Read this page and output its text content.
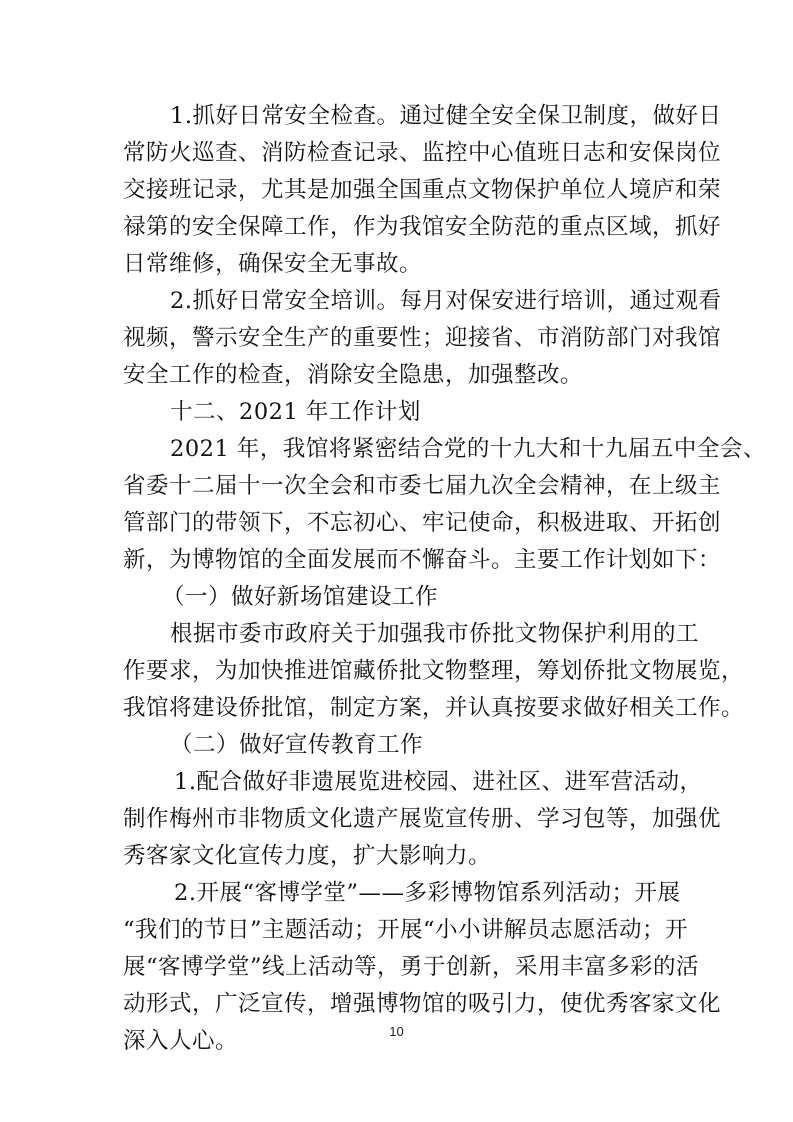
1.抓好日常安全检查。通过健全安全保卫制度，做好日
常防火巡查、消防检查记录、监控中心值班日志和安保岗位
交接班记录，尤其是加强全国重点文物保护单位人境庐和荣
禄第的安全保障工作，作为我馆安全防范的重点区域，抓好
日常维修，确保安全无事故。
2.抓好日常安全培训。每月对保安进行培训，通过观看
视频，警示安全生产的重要性；迎接省、市消防部门对我馆
安全工作的检查，消除安全隐患，加强整改。
十二、2021 年工作计划
2021 年，我馆将紧密结合党的十九大和十九届五中全会、
省委十二届十一次全会和市委七届九次全会精神，在上级主
管部门的带领下，不忘初心、牢记使命，积极进取、开拓创
新，为博物馆的全面发展而不懈奋斗。主要工作计划如下：
（一）做好新场馆建设工作
根据市委市政府关于加强我市侨批文物保护利用的工
作要求，为加快推进馆藏侨批文物整理，筹划侨批文物展览，
我馆将建设侨批馆，制定方案，并认真按要求做好相关工作。
（二）做好宣传教育工作
1.配合做好非遗展览进校园、进社区、进军营活动，
制作梅州市非物质文化遗产展览宣传册、学习包等，加强优
秀客家文化宣传力度，扩大影响力。
2.开展“客博学堂”——多彩博物馆系列活动；开展
“我们的节日”主题活动；开展“小小讲解员志愿活动；开
展“客博学堂”线上活动等，勇于创新，采用丰富多彩的活
动形式，广泛宣传，增强博物馆的吸引力，使优秀客家文化
深入人心。	10
